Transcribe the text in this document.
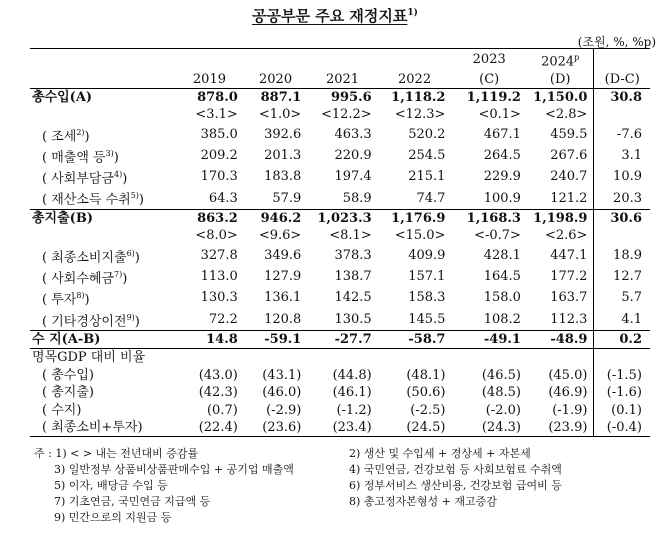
공공부문 주요 재정지표$^{1)}$
(조원, %, %p)
					2023	2024$^p$	
	2019	2020	2021	2022	(C)	(D)	(D-C)
총수입(A)	878.0	887.1	995.6	1,118.2	1,119.2	1,150.0	30.8
	<3.1>	<1.0>	<12.2>	<12.3>	<0.1>	<2.8>	
( 조세$^{2)}$)	385.0	392.6	463.3	520.2	467.1	459.5	-7.6
( 매출액 등$^{3)}$)	209.2	201.3	220.9	254.5	264.5	267.6	3.1
( 사회부담금$^{4)}$)	170.3	183.8	197.4	215.1	229.9	240.7	10.9
( 재산소득 수취$^{5)}$)	64.3	57.9	58.9	74.7	100.9	121.2	20.3
총지출(B)	863.2	946.2	1,023.3	1,176.9	1,168.3	1,198.9	30.6
	<8.0>	<9.6>	<8.1>	<15.0>	<-0.7>	<2.6>	
( 최종소비지출$^{6)}$)	327.8	349.6	378.3	409.9	428.1	447.1	18.9
( 사회수혜금$^{7)}$)	113.0	127.9	138.7	157.1	164.5	177.2	12.7
( 투자$^{8)}$)	130.3	136.1	142.5	158.3	158.0	163.7	5.7
( 기타경상이전$^{9)}$)	72.2	120.8	130.5	145.5	108.2	112.3	4.1
수 지(A-B)	14.8	-59.1	-27.7	-58.7	-49.1	-48.9	0.2
명목GDP 대비 비율							
( 총수입)	(43.0)	(43.1)	(44.8)	(48.1)	(46.5)	(45.0)	(-1.5)
( 총지출)	(42.3)	(46.0)	(46.1)	(50.6)	(48.5)	(46.9)	(-1.6)
( 수지)	(0.7)	(-2.9)	(-1.2)	(-2.5)	(-2.0)	(-1.9)	(0.1)
( 최종소비+투자)	(22.4)	(23.6)	(23.4)	(24.5)	(24.3)	(23.9)	(-0.4)
주 : 1) < > 내는 전년대비 증감률	2) 생산 및 수입세 + 경상세 + 자본세
3) 일반정부 상품비상품판매수입 + 공기업 매출액	4) 국민연금, 건강보험 등 사회보험료 수취액
5) 이자, 배당금 수입 등	6) 정부서비스 생산비용, 건강보험 급여비 등
7) 기초연금, 국민연금 지급액 등	8) 총고정자본형성 + 재고증감
9) 민간으로의 지원금 등
